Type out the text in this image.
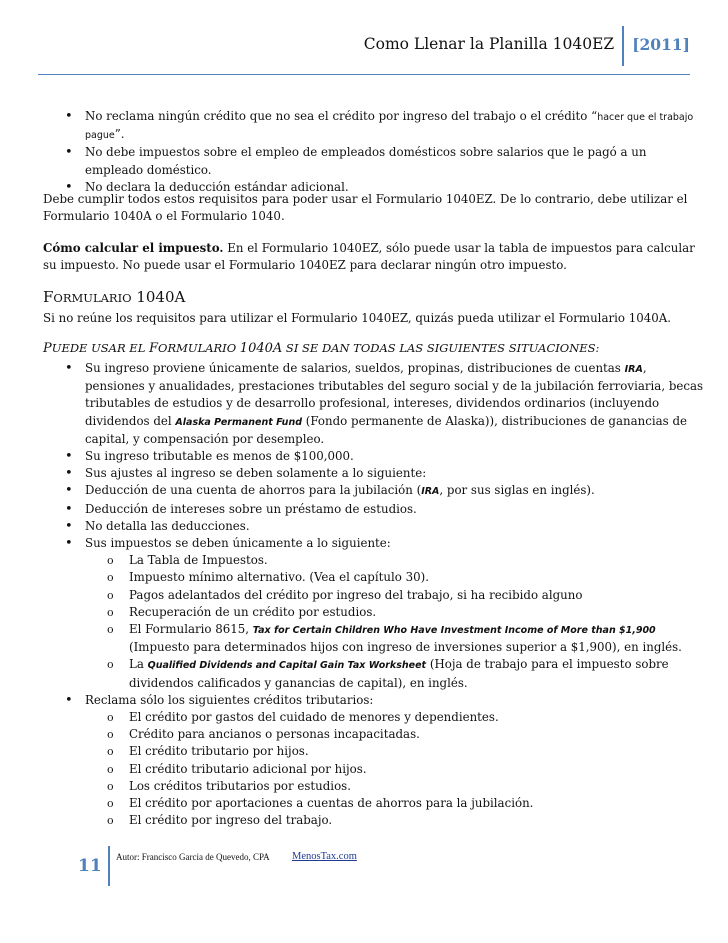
Como Llenar la Planilla 1040EZ	[2011]
• No reclama ningún crédito que no sea el crédito por ingreso del trabajo o el crédito “hacer que el trabajo pague”.
• No debe impuestos sobre el empleo de empleados domésticos sobre salarios que le pagó a un empleado doméstico.
• No declara la deducción estándar adicional.

Debe cumplir todos estos requisitos para poder usar el Formulario 1040EZ. De lo contrario, debe utilizar el Formulario 1040A o el Formulario 1040.

Cómo calcular el impuesto. En el Formulario 1040EZ, sólo puede usar la tabla de impuestos para calcular su impuesto. No puede usar el Formulario 1040EZ para declarar ningún otro impuesto.

FORMULARIO 1040A

Si no reúne los requisitos para utilizar el Formulario 1040EZ, quizás pueda utilizar el Formulario 1040A.

PUEDE USAR EL FORMULARIO 1040A SI SE DAN TODAS LAS SIGUIENTES SITUACIONES:
• Su ingreso proviene únicamente de salarios, sueldos, propinas, distribuciones de cuentas IRA, pensiones y anualidades, prestaciones tributables del seguro social y de la jubilación ferroviaria, becas tributables de estudios y de desarrollo profesional, intereses, dividendos ordinarios (incluyendo dividendos del Alaska Permanent Fund (Fondo permanente de Alaska)), distribuciones de ganancias de capital, y compensación por desempleo.
• Su ingreso tributable es menos de $100,000.
• Sus ajustes al ingreso se deben solamente a lo siguiente:
• Deducción de una cuenta de ahorros para la jubilación (IRA, por sus siglas en inglés).
• Deducción de intereses sobre un préstamo de estudios.
• No detalla las deducciones.
• Sus impuestos se deben únicamente a lo siguiente:
o La Tabla de Impuestos.
o Impuesto mínimo alternativo. (Vea el capítulo 30).
o Pagos adelantados del crédito por ingreso del trabajo, si ha recibido alguno
o Recuperación de un crédito por estudios.
o El Formulario 8615, Tax for Certain Children Who Have Investment Income of More than $1,900 (Impuesto para determinados hijos con ingreso de inversiones superior a $1,900), en inglés.
o La Qualified Dividends and Capital Gain Tax Worksheet (Hoja de trabajo para el impuesto sobre dividendos calificados y ganancias de capital), en inglés.
• Reclama sólo los siguientes créditos tributarios:
o El crédito por gastos del cuidado de menores y dependientes.
o Crédito para ancianos o personas incapacitadas.
o El crédito tributario por hijos.
o El crédito tributario adicional por hijos.
o Los créditos tributarios por estudios.
o El crédito por aportaciones a cuentas de ahorros para la jubilación.
o El crédito por ingreso del trabajo.
11 Autor: Francisco Garcia de Quevedo, CPA MenosTax.com
